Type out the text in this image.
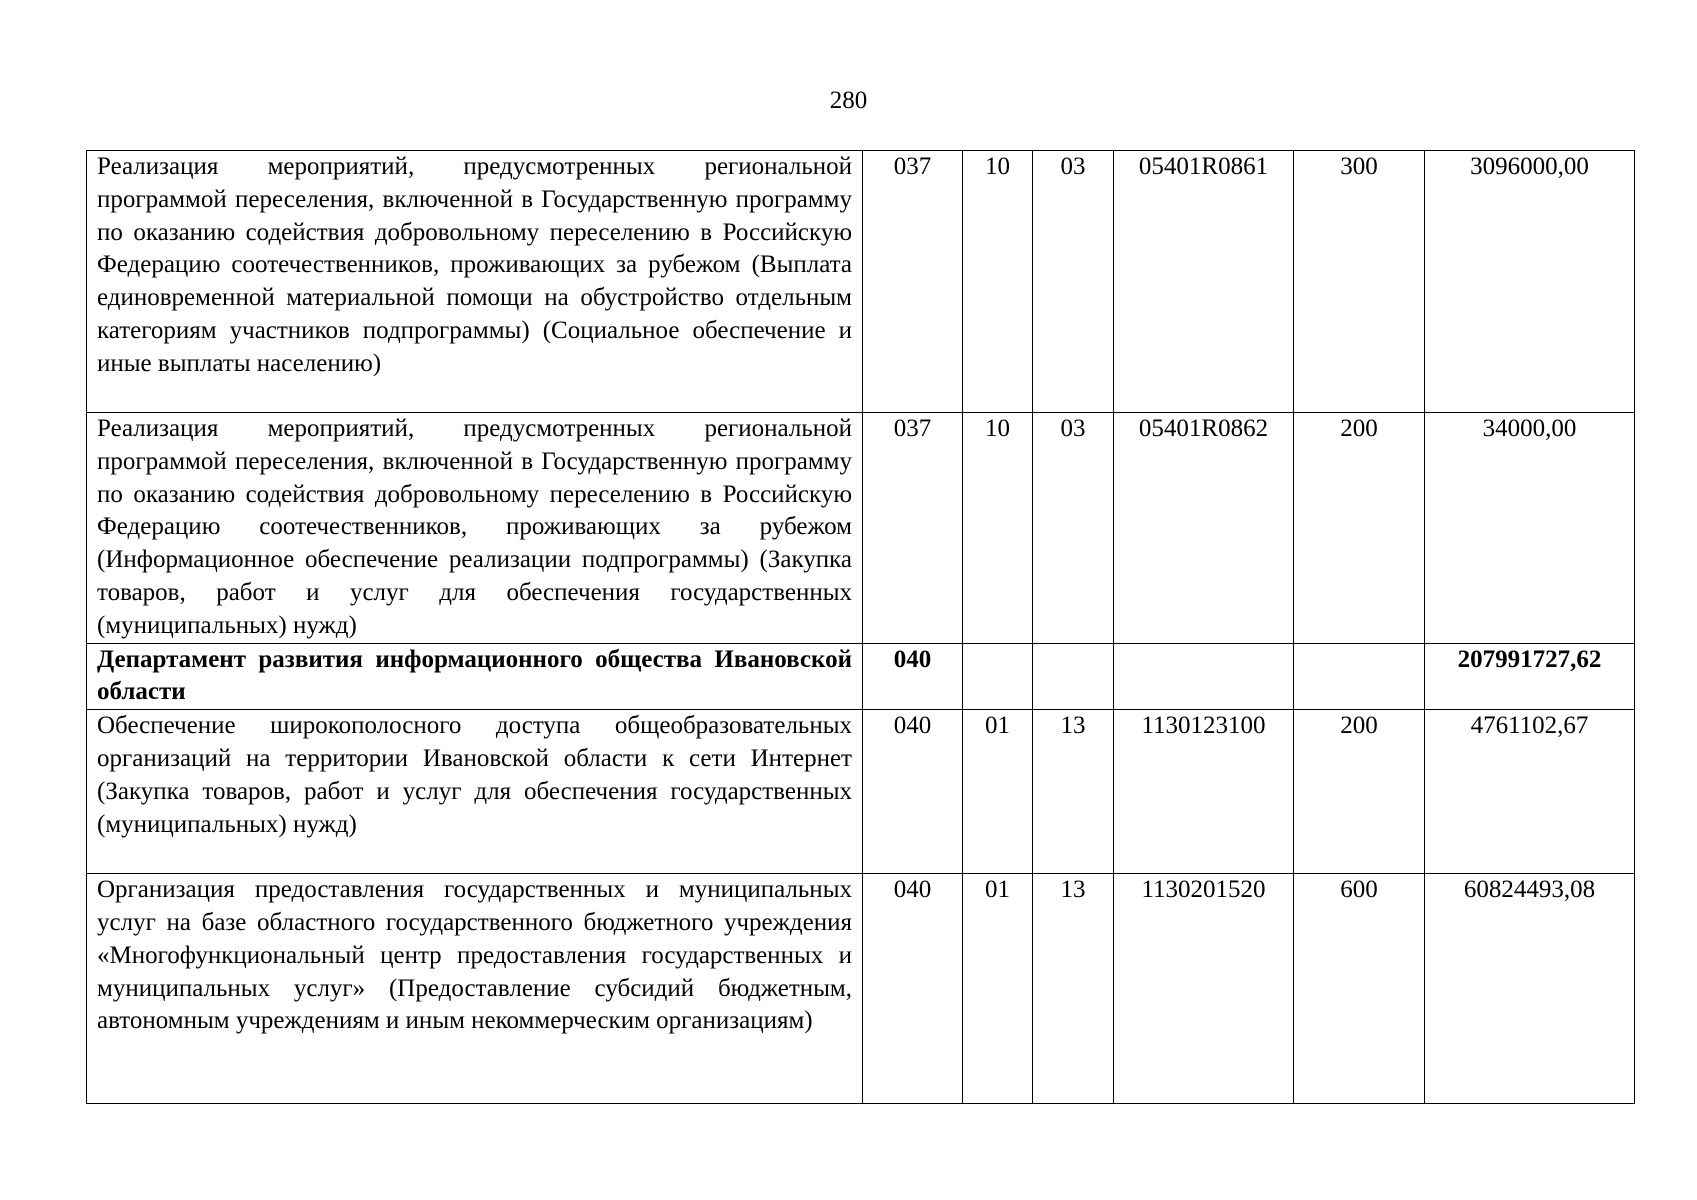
280
Реализация мероприятий, предусмотренных региональной программой переселения, включенной в Государственную программу по оказанию содействия добровольному переселению в Российскую Федерацию соотечественников, проживающих за рубежом (Выплата единовременной материальной помощи на обустройство отдельным категориям участников подпрограммы) (Социальное обеспечение и иные выплаты населению)	037	10	03	05401R0861	300	3096000,00

Реализация мероприятий, предусмотренных региональной программой переселения, включенной в Государственную программу по оказанию содействия добровольному переселению в Российскую Федерацию соотечественников, проживающих за рубежом (Информационное обеспечение реализации подпрограммы) (Закупка товаров, работ и услуг для обеспечения государственных (муниципальных) нужд)	037	10	03	05401R0862	200	34000,00

Департамент развития информационного общества Ивановской области	040					207991727,62

Обеспечение широкополосного доступа общеобразовательных организаций на территории Ивановской области к сети Интернет (Закупка товаров, работ и услуг для обеспечения государственных (муниципальных) нужд)	040	01	13	1130123100	200	4761102,67

Организация предоставления государственных и муниципальных услуг на базе областного государственного бюджетного учреждения «Многофункциональный центр предоставления государственных и муниципальных услуг» (Предоставление субсидий бюджетным, автономным учреждениям и иным некоммерческим организациям)	040	01	13	1130201520	600	60824493,08
